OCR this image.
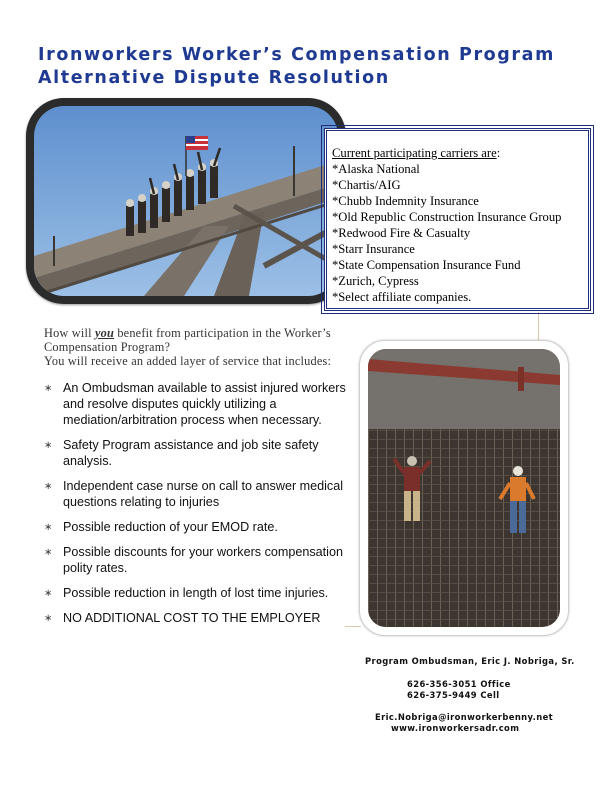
Ironworkers Worker’s Compensation Program
Alternative Dispute Resolution
Current participating carriers are:
*Alaska National
*Chartis/AIG
*Chubb Indemnity Insurance
*Old Republic Construction Insurance Group
*Redwood Fire & Casualty
*Starr Insurance
*State Compensation Insurance Fund
*Zurich, Cypress
*Select affiliate companies.
How will you benefit from participation in the Worker’s Compensation Program?
You will receive an added layer of service that includes:
∗ An Ombudsman available to assist injured workers and resolve disputes quickly utilizing a mediation/arbitration process when necessary.
∗ Safety Program assistance and job site safety analysis.
∗ Independent case nurse on call to answer medical questions relating to injuries
∗ Possible reduction of your EMOD rate.
∗ Possible discounts for your workers compensation polity rates.
∗ Possible reduction in length of lost time injuries.
∗ NO ADDITIONAL COST TO THE EMPLOYER
Program Ombudsman, Eric J. Nobriga, Sr.
626-356-3051 Office
626-375-9449 Cell
Eric.Nobriga@ironworkerbenny.net
www.ironworkersadr.com
